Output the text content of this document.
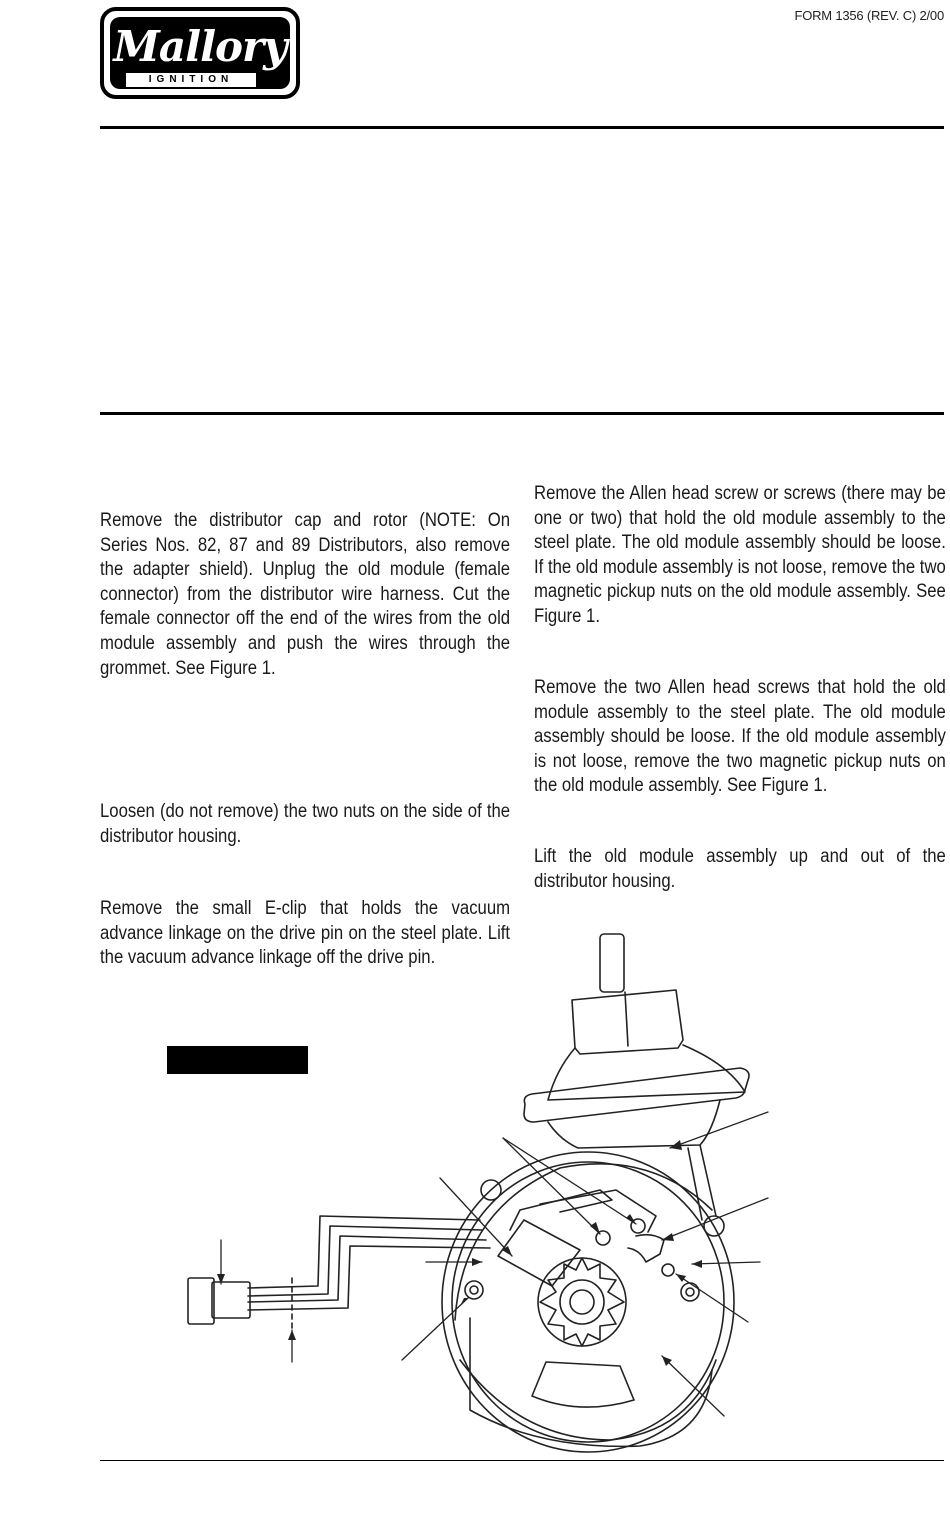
Mallory
IGNITION
FORM 1356 (REV. C) 2/00

Remove the distributor cap and rotor (NOTE: On Series Nos. 82, 87 and 89 Distributors, also remove the adapter shield). Unplug the old module (female connector) from the distributor wire harness. Cut the female connector off the end of the wires from the old module assembly and push the wires through the grommet. See Figure 1.

Loosen (do not remove) the two nuts on the side of the distributor housing.

Remove the small E-clip that holds the vacuum advance linkage on the drive pin on the steel plate. Lift the vacuum advance linkage off the drive pin.

Remove the Allen head screw or screws (there may be one or two) that hold the old module assembly to the steel plate. The old module assembly should be loose. If the old module assembly is not loose, remove the two magnetic pickup nuts on the old module assembly. See Figure 1.

Remove the two Allen head screws that hold the old module assembly to the steel plate. The old module assembly should be loose. If the old module assembly is not loose, remove the two magnetic pickup nuts on the old module assembly. See Figure 1.

Lift the old module assembly up and out of the distributor housing.
